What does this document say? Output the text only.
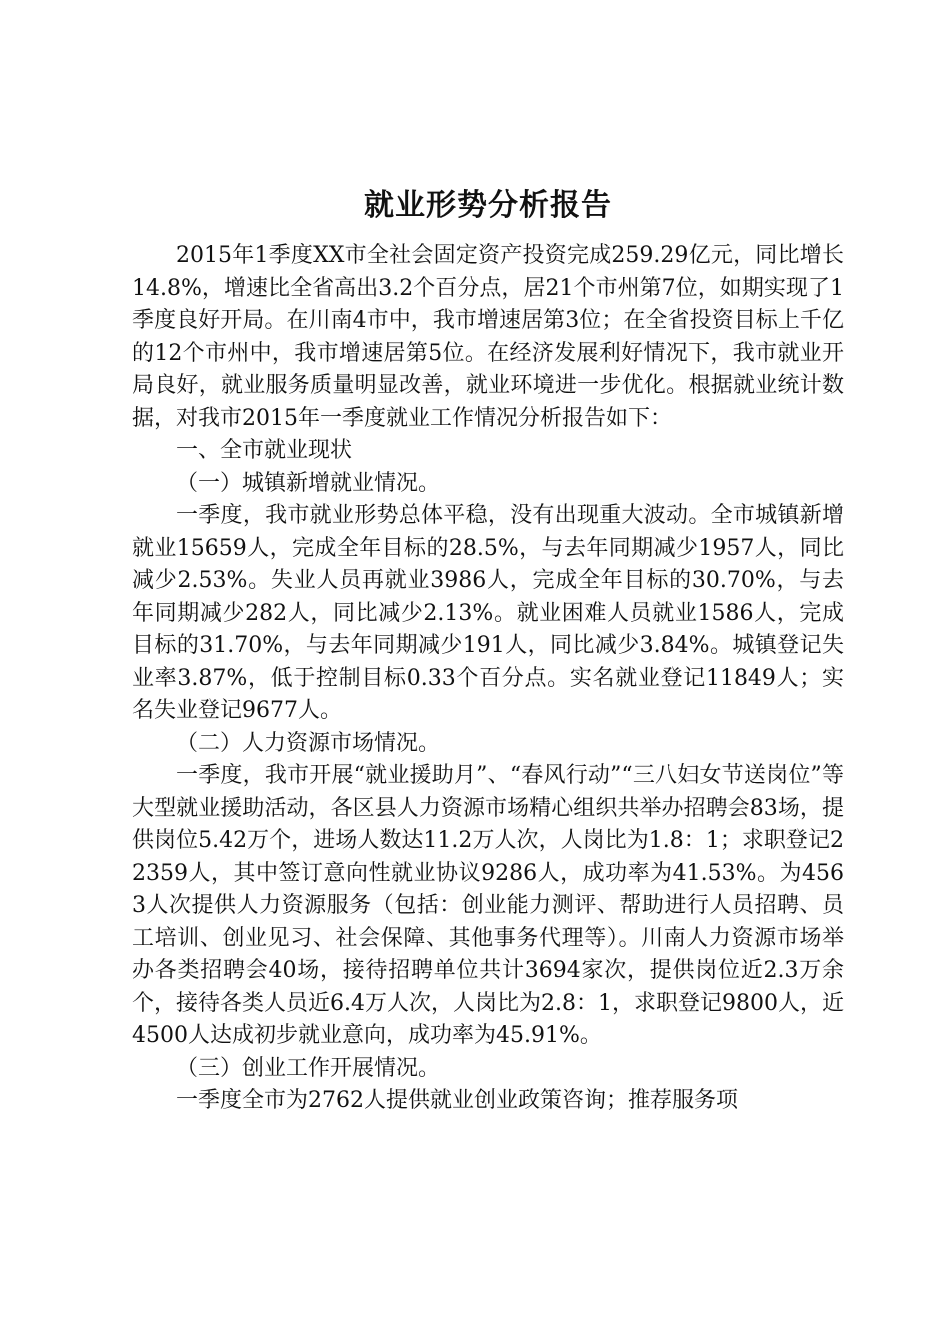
就业形势分析报告

2015年1季度XX市全社会固定资产投资完成259.29亿元，同比增长14.8%，增速比全省高出3.2个百分点，居21个市州第7位，如期实现了1季度良好开局。在川南4市中，我市增速居第3位；在全省投资目标上千亿的12个市州中，我市增速居第5位。在经济发展利好情况下，我市就业开局良好，就业服务质量明显改善，就业环境进一步优化。根据就业统计数据，对我市2015年一季度就业工作情况分析报告如下：

一、全市就业现状

（一）城镇新增就业情况。

一季度，我市就业形势总体平稳，没有出现重大波动。全市城镇新增就业15659人，完成全年目标的28.5%，与去年同期减少1957人，同比减少2.53%。失业人员再就业3986人，完成全年目标的30.70%，与去年同期减少282人，同比减少2.13%。就业困难人员就业1586人，完成目标的31.70%，与去年同期减少191人，同比减少3.84%。城镇登记失业率3.87%，低于控制目标0.33个百分点。实名就业登记11849人；实名失业登记9677人。

（二）人力资源市场情况。

一季度，我市开展“就业援助月”、“春风行动”“三八妇女节送岗位”等大型就业援助活动，各区县人力资源市场精心组织共举办招聘会83场，提供岗位5.42万个，进场人数达11.2万人次，人岗比为1.8：1；求职登记22359人，其中签订意向性就业协议9286人，成功率为41.53%。为4563人次提供人力资源服务（包括：创业能力测评、帮助进行人员招聘、员工培训、创业见习、社会保障、其他事务代理等）。川南人力资源市场举办各类招聘会40场，接待招聘单位共计3694家次，提供岗位近2.3万余个，接待各类人员近6.4万人次，人岗比为2.8：1，求职登记9800人，近4500人达成初步就业意向，成功率为45.91%。

（三）创业工作开展情况。

一季度全市为2762人提供就业创业政策咨询；推荐服务项
